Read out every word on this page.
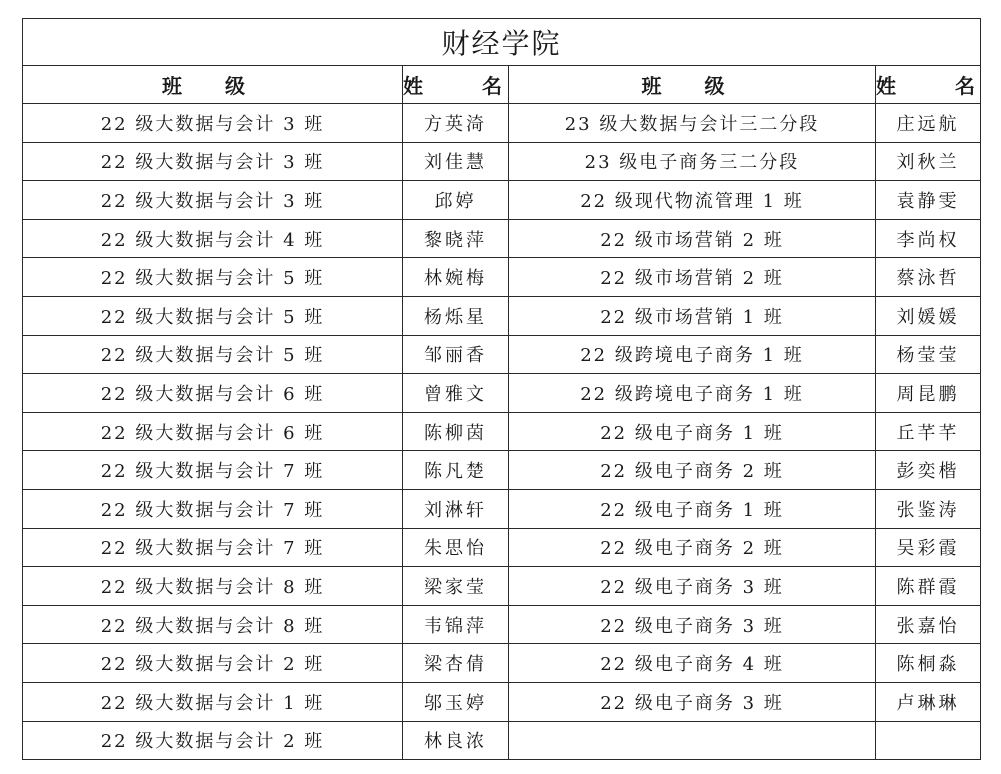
财经学院			
班 级	姓 名	班 级	姓 名
22 级大数据与会计 3 班	方英渏	23 级大数据与会计三二分段	庄远航
22 级大数据与会计 3 班	刘佳慧	23 级电子商务三二分段	刘秋兰
22 级大数据与会计 3 班	邱婷	22 级现代物流管理 1 班	袁静雯
22 级大数据与会计 4 班	黎晓萍	22 级市场营销 2 班	李尚权
22 级大数据与会计 5 班	林婉梅	22 级市场营销 2 班	蔡泳哲
22 级大数据与会计 5 班	杨烁星	22 级市场营销 1 班	刘媛媛
22 级大数据与会计 5 班	邹丽香	22 级跨境电子商务 1 班	杨莹莹
22 级大数据与会计 6 班	曾雅文	22 级跨境电子商务 1 班	周昆鹏
22 级大数据与会计 6 班	陈柳茵	22 级电子商务 1 班	丘芊芊
22 级大数据与会计 7 班	陈凡楚	22 级电子商务 2 班	彭奕楷
22 级大数据与会计 7 班	刘淋轩	22 级电子商务 1 班	张鉴涛
22 级大数据与会计 7 班	朱思怡	22 级电子商务 2 班	吴彩霞
22 级大数据与会计 8 班	梁家莹	22 级电子商务 3 班	陈群霞
22 级大数据与会计 8 班	韦锦萍	22 级电子商务 3 班	张嘉怡
22 级大数据与会计 2 班	梁杏倩	22 级电子商务 4 班	陈桐淼
22 级大数据与会计 1 班	邬玉婷	22 级电子商务 3 班	卢琳琳
22 级大数据与会计 2 班	林良浓		
